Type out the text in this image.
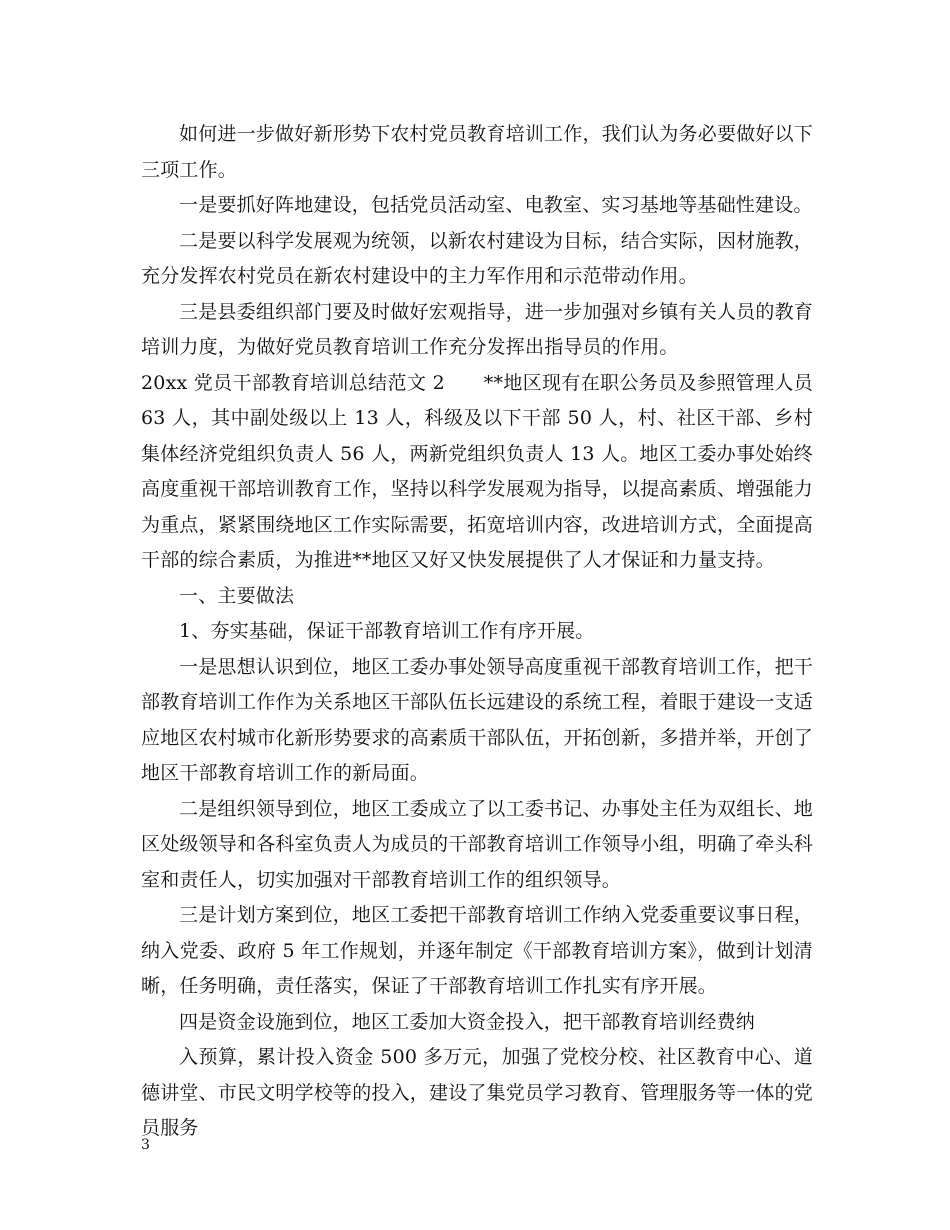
如何进一步做好新形势下农村党员教育培训工作，我们认为务必要做好以下三项工作。

一是要抓好阵地建设，包括党员活动室、电教室、实习基地等基础性建设。

二是要以科学发展观为统领，以新农村建设为目标，结合实际，因材施教，充分发挥农村党员在新农村建设中的主力军作用和示范带动作用。

三是县委组织部门要及时做好宏观指导，进一步加强对乡镇有关人员的教育培训力度，为做好党员教育培训工作充分发挥出指导员的作用。

20xx 党员干部教育培训总结范文 2　　**地区现有在职公务员及参照管理人员 63 人，其中副处级以上 13 人，科级及以下干部 50 人，村、社区干部、乡村集体经济党组织负责人 56 人，两新党组织负责人 13 人。地区工委办事处始终高度重视干部培训教育工作，坚持以科学发展观为指导，以提高素质、增强能力为重点，紧紧围绕地区工作实际需要，拓宽培训内容，改进培训方式，全面提高干部的综合素质，为推进**地区又好又快发展提供了人才保证和力量支持。

一、主要做法

1、夯实基础，保证干部教育培训工作有序开展。

一是思想认识到位，地区工委办事处领导高度重视干部教育培训工作，把干部教育培训工作作为关系地区干部队伍长远建设的系统工程，着眼于建设一支适应地区农村城市化新形势要求的高素质干部队伍，开拓创新，多措并举，开创了地区干部教育培训工作的新局面。

二是组织领导到位，地区工委成立了以工委书记、办事处主任为双组长、地区处级领导和各科室负责人为成员的干部教育培训工作领导小组，明确了牵头科室和责任人，切实加强对干部教育培训工作的组织领导。

三是计划方案到位，地区工委把干部教育培训工作纳入党委重要议事日程，纳入党委、政府 5 年工作规划，并逐年制定《干部教育培训方案》，做到计划清晰，任务明确，责任落实，保证了干部教育培训工作扎实有序开展。

四是资金设施到位，地区工委加大资金投入，把干部教育培训经费纳

入预算，累计投入资金 500 多万元，加强了党校分校、社区教育中心、道德讲堂、市民文明学校等的投入，建设了集党员学习教育、管理服务等一体的党员服务

3
